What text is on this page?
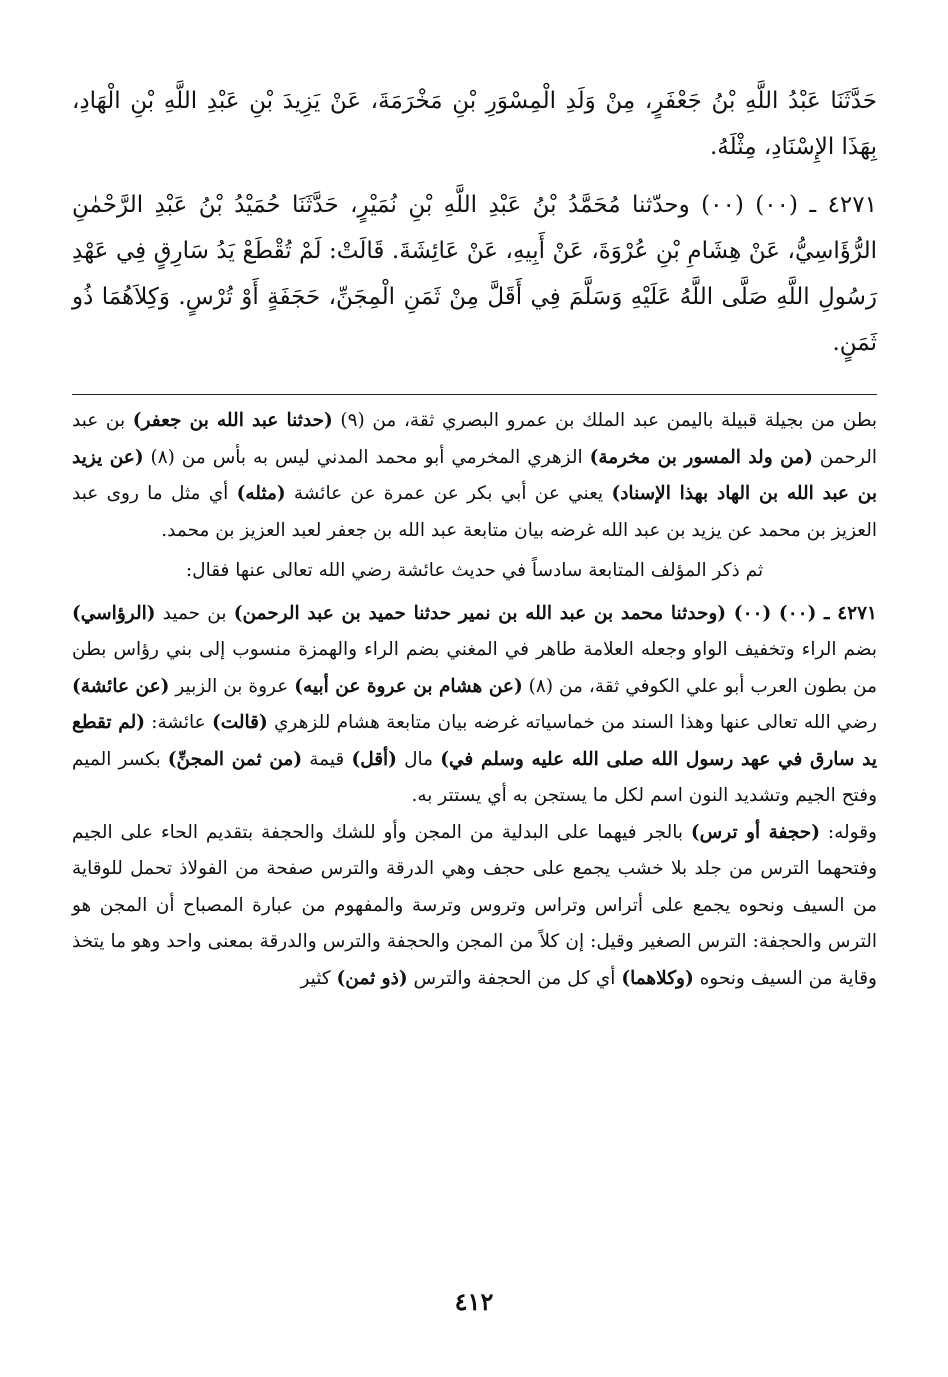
حَدَّثَنَا عَبْدُ اللَّهِ بْنُ جَعْفَرٍ، مِنْ وَلَدِ الْمِسْوَرِ بْنِ مَخْرَمَةَ، عَنْ يَزِيدَ بْنِ عَبْدِ اللَّهِ بْنِ الْهَادِ، بِهَذَا الإِسْنَادِ، مِثْلَهُ.

٤٢٧١ ـ (٠٠) (٠٠) وحدّثنا مُحَمَّدُ بْنُ عَبْدِ اللَّهِ بْنِ نُمَيْرٍ، حَدَّثَنَا حُمَيْدُ بْنُ عَبْدِ الرَّحْمٰنِ الرُّؤَاسِيُّ، عَنْ هِشَامِ بْنِ عُرْوَةَ، عَنْ أَبِيهِ، عَنْ عَائِشَةَ. قَالَتْ: لَمْ تُقْطَعْ يَدُ سَارِقٍ فِي عَهْدِ رَسُولِ اللَّهِ صَلَّى اللَّهُ عَلَيْهِ وَسَلَّمَ فِي أَقَلَّ مِنْ ثَمَنِ الْمِجَنِّ، حَجَفَةٍ أَوْ تُرْسٍ. وَكِلاَهُمَا ذُو ثَمَنٍ.

بطن من بجيلة قبيلة باليمن عبد الملك بن عمرو البصري ثقة، من (٩) (حدثنا عبد الله بن جعفر) بن عبد الرحمن (من ولد المسور بن مخرمة) الزهري المخرمي أبو محمد المدني ليس به بأس من (٨) (عن يزيد بن عبد الله بن الهاد بهذا الإسناد) يعني عن أبي بكر عن عمرة عن عائشة (مثله) أي مثل ما روى عبد العزيز بن محمد عن يزيد بن عبد الله غرضه بيان متابعة عبد الله بن جعفر لعبد العزيز بن محمد.

ثم ذكر المؤلف المتابعة سادساً في حديث عائشة رضي الله تعالى عنها فقال:

٤٢٧١ ـ (٠٠) (٠٠) (وحدثنا محمد بن عبد الله بن نمير حدثنا حميد بن عبد الرحمن) بن حميد (الرؤاسي) بضم الراء وتخفيف الواو وجعله العلامة طاهر في المغني بضم الراء والهمزة منسوب إلى بني رؤاس بطن من بطون العرب أبو علي الكوفي ثقة، من (٨) (عن هشام بن عروة عن أبيه) عروة بن الزبير (عن عائشة) رضي الله تعالى عنها وهذا السند من خماسياته غرضه بيان متابعة هشام للزهري (قالت) عائشة: (لم تقطع يد سارق في عهد رسول الله صلى الله عليه وسلم في) مال (أقل) قيمة (من ثمن المجنِّ) بكسر الميم وفتح الجيم وتشديد النون اسم لكل ما يستجن به أي يستتر به.

وقوله: (حجفة أو ترس) بالجر فيهما على البدلية من المجن وأو للشك والحجفة بتقديم الحاء على الجيم وفتحهما الترس من جلد بلا خشب يجمع على حجف وهي الدرقة والترس صفحة من الفولاذ تحمل للوقاية من السيف ونحوه يجمع على أتراس وتراس وتروس وترسة والمفهوم من عبارة المصباح أن المجن هو الترس والحجفة: الترس الصغير وقيل: إن كلاً من المجن والحجفة والترس والدرقة بمعنى واحد وهو ما يتخذ وقاية من السيف ونحوه (وكلاهما) أي كل من الحجفة والترس (ذو ثمن) كثير

٤١٢
